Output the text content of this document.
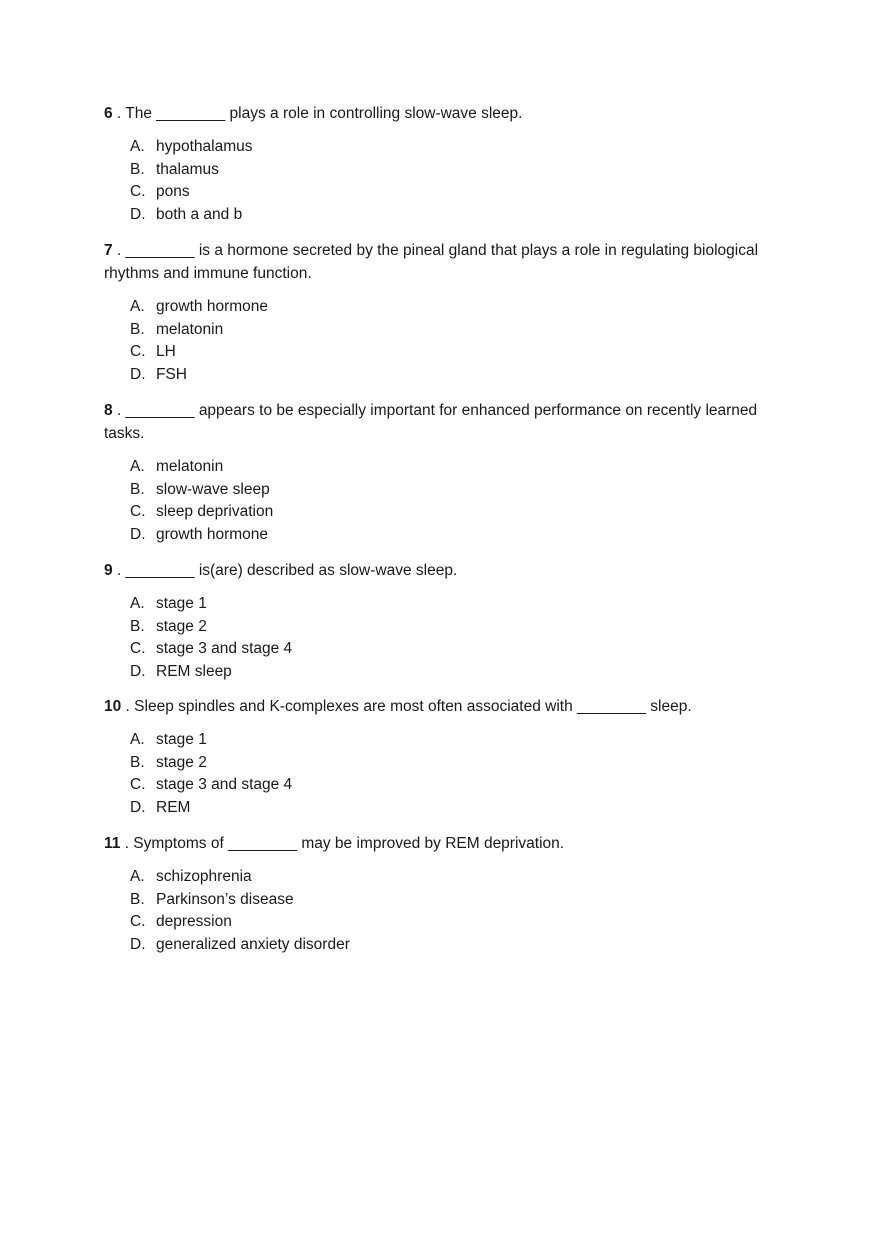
6 . The ________ plays a role in controlling slow-wave sleep.

A. hypothalamus
B. thalamus
C. pons
D. both a and b

7 . ________ is a hormone secreted by the pineal gland that plays a role in regulating biological rhythms and immune function.

A. growth hormone
B. melatonin
C. LH
D. FSH

8 . ________ appears to be especially important for enhanced performance on recently learned tasks.

A. melatonin
B. slow-wave sleep
C. sleep deprivation
D. growth hormone

9 . ________ is(are) described as slow-wave sleep.

A. stage 1
B. stage 2
C. stage 3 and stage 4
D. REM sleep

10 . Sleep spindles and K-complexes are most often associated with ________ sleep.

A. stage 1
B. stage 2
C. stage 3 and stage 4
D. REM

11 . Symptoms of ________ may be improved by REM deprivation.

A. schizophrenia
B. Parkinson’s disease
C. depression
D. generalized anxiety disorder
